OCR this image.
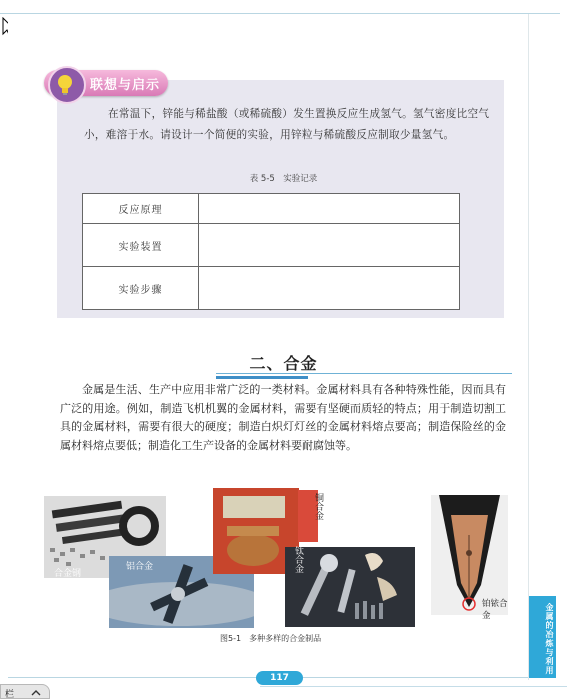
联想与启示
在常温下，锌能与稀盐酸（或稀硫酸）发生置换反应生成氢气。氢气密度比空气小，难溶于水。请设计一个简便的实验，用锌粒与稀硫酸反应制取少量氢气。
表 5-5　实验记录
反应原理	
实验装置	
实验步骤	
二、合金
金属是生活、生产中应用非常广泛的一类材料。金属材料具有各种特殊性能，因而具有广泛的用途。例如，制造飞机机翼的金属材料，需要有坚硬而质轻的特点；用于制造切割工具的金属材料，需要有很大的硬度；制造白炽灯灯丝的金属材料熔点要高；制造保险丝的金属材料熔点要低；制造化工生产设备的金属材料要耐腐蚀等。
合金钢
铝合金
铜合金
钛合金
铂铱合金
图5-1　多种多样的合金制品	金属的冶炼与利用
117
栏
